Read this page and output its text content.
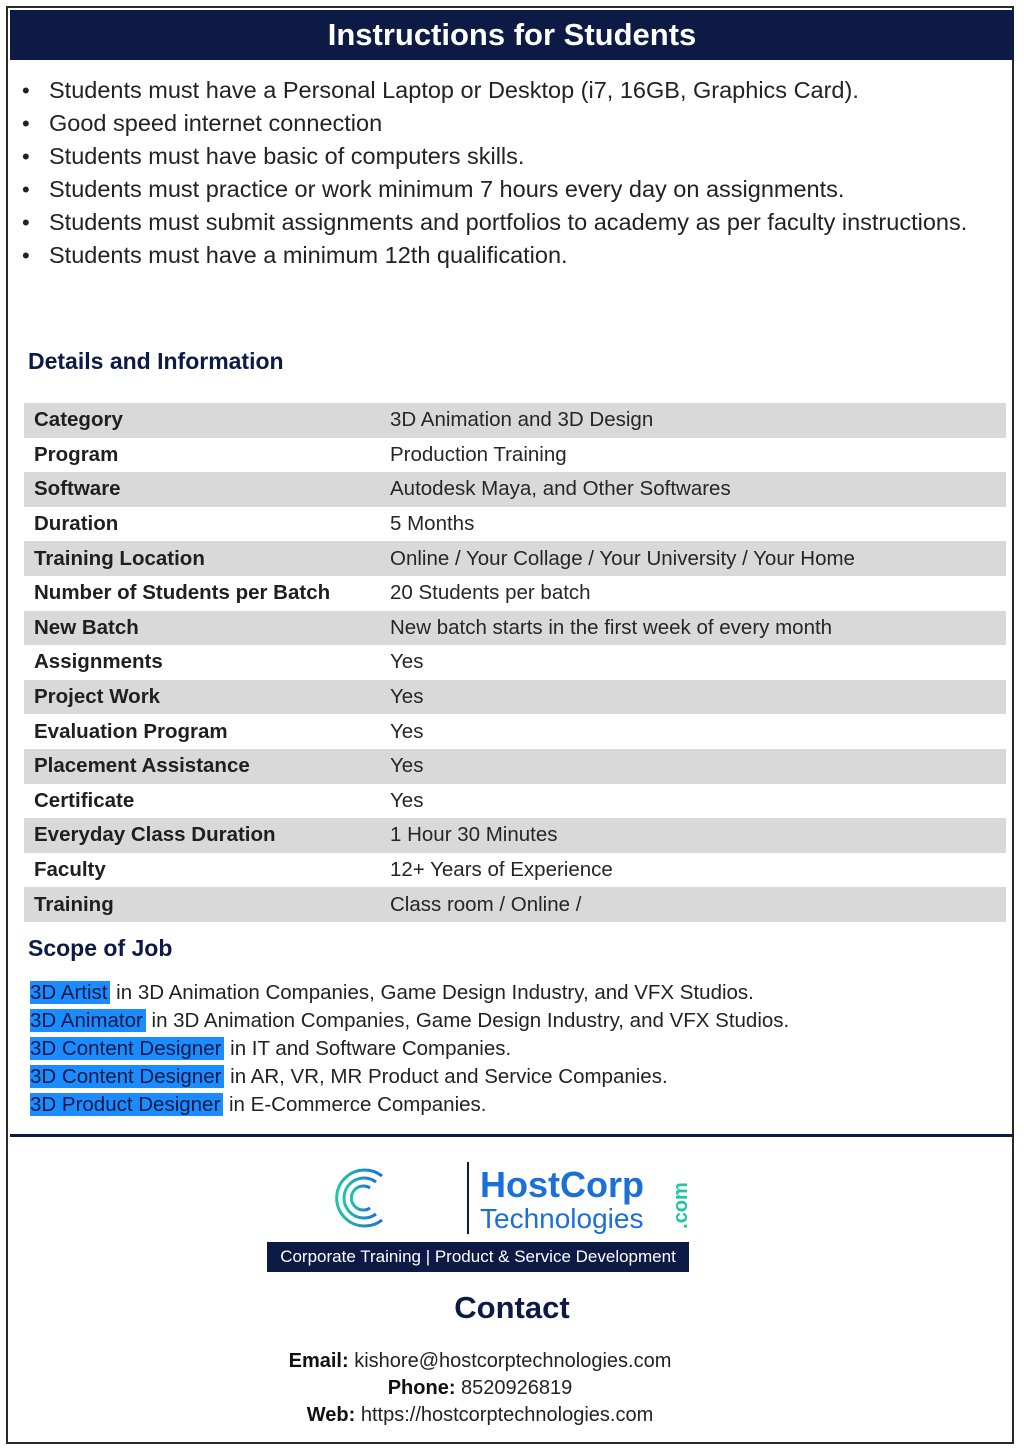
Instructions for Students
• Students must have a Personal Laptop or Desktop (i7, 16GB, Graphics Card).
• Good speed internet connection
• Students must have basic of computers skills.
• Students must practice or work minimum 7 hours every day on assignments.
• Students must submit assignments and portfolios to academy as per faculty instructions.
• Students must have a minimum 12th qualification.
Details and Information
Category	3D Animation and 3D Design
Program	Production Training
Software	Autodesk Maya, and Other Softwares
Duration	5 Months
Training Location	Online / Your Collage / Your University / Your Home
Number of Students per Batch	20 Students per batch
New Batch	New batch starts in the first week of every month
Assignments	Yes
Project Work	Yes
Evaluation Program	Yes
Placement Assistance	Yes
Certificate	Yes
Everyday Class Duration	1 Hour 30 Minutes
Faculty	12+ Years of Experience
Training	Class room / Online /
Scope of Job
3D Artist in 3D Animation Companies, Game Design Industry, and VFX Studios.
3D Animator in 3D Animation Companies, Game Design Industry, and VFX Studios.
3D Content Designer in IT and Software Companies.
3D Content Designer in AR, VR, MR Product and Service Companies.
3D Product Designer in E-Commerce Companies.
HostCorp
Technologies .com
Corporate Training | Product & Service Development
Contact
Email: kishore@hostcorptechnologies.com
Phone: 8520926819
Web: https://hostcorptechnologies.com
